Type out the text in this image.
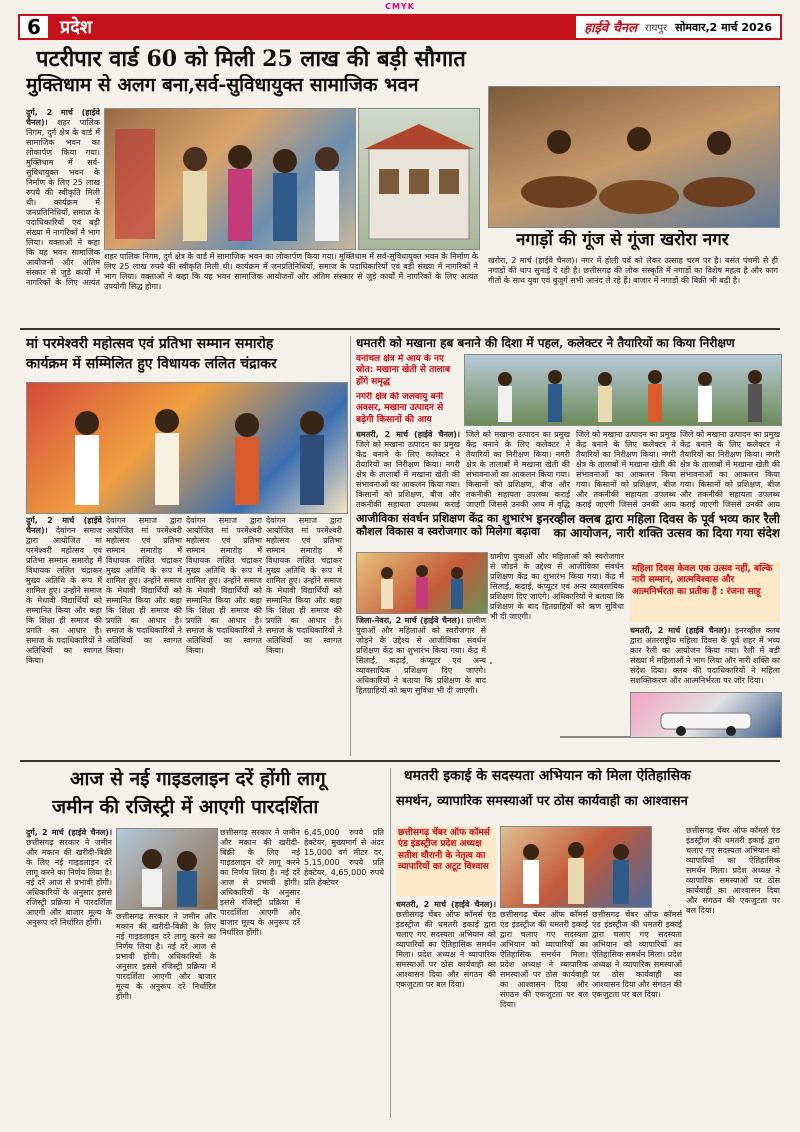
CMYK
6	प्रदेश	हाईवे चैनल रायपुर सोमवार,2 मार्च 2026
पटरीपार वार्ड 60 को मिली 25 लाख की बड़ी सौगात
मुक्तिधाम से अलग बना,सर्व-सुविधायुक्त सामाजिक भवन
दुर्ग, 2 मार्च (हाईवे चैनल)। शहर पालिक निगम, दुर्ग क्षेत्र के वार्ड में सामाजिक भवन का लोकार्पण किया गया। मुक्तिधाम में सर्व-सुविधायुक्त भवन के निर्माण के लिए 25 लाख रुपये की स्वीकृति मिली थी। कार्यक्रम में जनप्रतिनिधियों, समाज के पदाधिकारियों एवं बड़ी संख्या में नागरिकों ने भाग लिया। वक्ताओं ने कहा कि यह भवन सामाजिक आयोजनों और अंतिम संस्कार से जुड़े कार्यों में नागरिकों के लिए अत्यंत
शहर पालिक निगम, दुर्ग क्षेत्र के वार्ड में सामाजिक भवन का लोकार्पण किया गया। मुक्तिधाम में सर्व-सुविधायुक्त भवन के निर्माण के लिए 25 लाख रुपये की स्वीकृति मिली थी। कार्यक्रम में जनप्रतिनिधियों, समाज के पदाधिकारियों एवं बड़ी संख्या में नागरिकों ने भाग लिया। वक्ताओं ने कहा कि यह भवन सामाजिक आयोजनों और अंतिम संस्कार से जुड़े कार्यों में नागरिकों के लिए अत्यंत उपयोगी सिद्ध होगा।
नगाड़ों की गूंज से गूंजा खरोरा नगर
खरोरा, 2 मार्च (हाईवे चैनल)। नगर में होली पर्व को लेकर उत्साह चरम पर है। बसंत पंचमी से ही नगाड़ों की थाप सुनाई दे रही है। छत्तीसगढ़ की लोक संस्कृति में नगाड़ों का विशेष महत्व है और फाग गीतों के साथ युवा एवं बुजुर्ग सभी आनंद ले रहे हैं। बाजार में नगाड़ों की बिक्री भी बढ़ी है।
मां परमेश्वरी महोत्सव एवं प्रतिभा सम्मान समारोह
कार्यक्रम में सम्मिलित हुए विधायक ललित चंद्राकर
दुर्ग, 2 मार्च (हाईवे चैनल)। देवांगन समाज द्वारा आयोजित मां परमेश्वरी महोत्सव एवं प्रतिभा सम्मान समारोह में विधायक ललित चंद्राकर मुख्य अतिथि के रूप में शामिल हुए। उन्होंने समाज के मेधावी विद्यार्थियों को सम्मानित किया और कहा कि शिक्षा ही समाज की प्रगति का आधार है। समाज के पदाधिकारियों ने अतिथियों का स्वागत किया।
देवांगन समाज द्वारा आयोजित मां परमेश्वरी महोत्सव एवं प्रतिभा सम्मान समारोह में विधायक ललित चंद्राकर मुख्य अतिथि के रूप में शामिल हुए। उन्होंने समाज के मेधावी विद्यार्थियों को सम्मानित किया और कहा कि शिक्षा ही समाज की प्रगति का आधार है। समाज के पदाधिकारियों ने अतिथियों का स्वागत किया।
देवांगन समाज द्वारा आयोजित मां परमेश्वरी महोत्सव एवं प्रतिभा सम्मान समारोह में विधायक ललित चंद्राकर मुख्य अतिथि के रूप में शामिल हुए। उन्होंने समाज के मेधावी विद्यार्थियों को सम्मानित किया और कहा कि शिक्षा ही समाज की प्रगति का आधार है। समाज के पदाधिकारियों ने अतिथियों का स्वागत किया।
देवांगन समाज द्वारा आयोजित मां परमेश्वरी महोत्सव एवं प्रतिभा सम्मान समारोह में विधायक ललित चंद्राकर मुख्य अतिथि के रूप में शामिल हुए। उन्होंने समाज के मेधावी विद्यार्थियों को सम्मानित किया और कहा कि शिक्षा ही समाज की प्रगति का आधार है। समाज के पदाधिकारियों ने अतिथियों का स्वागत किया।
धमतरी को मखाना हब बनाने की दिशा में पहल, कलेक्टर ने तैयारियों का किया निरीक्षण
वनांचल क्षेत्र में आय के नए स्रोत: मखाना खेती से तालाब होंगे समृद्ध
नगरी क्षेत्र की जलवायु बनी अवसर, मखाना उत्पादन से बढ़ेगी किसानों की आय
धमतरी, 2 मार्च (हाईवे चैनल)। जिले को मखाना उत्पादन का प्रमुख केंद्र बनाने के लिए कलेक्टर ने तैयारियों का निरीक्षण किया। नगरी क्षेत्र के तालाबों में मखाना खेती की संभावनाओं का आकलन किया गया। किसानों को प्रशिक्षण, बीज और तकनीकी सहायता उपलब्ध कराई
जिले को मखाना उत्पादन का प्रमुख केंद्र बनाने के लिए कलेक्टर ने तैयारियों का निरीक्षण किया। नगरी क्षेत्र के तालाबों में मखाना खेती की संभावनाओं का आकलन किया गया। किसानों को प्रशिक्षण, बीज और तकनीकी सहायता उपलब्ध कराई जाएगी जिससे उनकी आय में वृद्धि
जिले को मखाना उत्पादन का प्रमुख केंद्र बनाने के लिए कलेक्टर ने तैयारियों का निरीक्षण किया। नगरी क्षेत्र के तालाबों में मखाना खेती की संभावनाओं का आकलन किया गया। किसानों को प्रशिक्षण, बीज और तकनीकी सहायता उपलब्ध कराई जाएगी जिससे उनकी आय
जिले को मखाना उत्पादन का प्रमुख केंद्र बनाने के लिए कलेक्टर ने तैयारियों का निरीक्षण किया। नगरी क्षेत्र के तालाबों में मखाना खेती की संभावनाओं का आकलन किया गया। किसानों को प्रशिक्षण, बीज और तकनीकी सहायता उपलब्ध कराई जाएगी जिससे उनकी आय
आजीविका संवर्धन प्रशिक्षण केंद्र का शुभारंभ
कौशल विकास व स्वरोजगार को मिलेगा बढ़ावा
ग्रामीण युवाओं और महिलाओं को स्वरोजगार से जोड़ने के उद्देश्य से आजीविका संवर्धन प्रशिक्षण केंद्र का शुभारंभ किया गया। केंद्र में सिलाई, कढ़ाई, कंप्यूटर एवं अन्य व्यावसायिक प्रशिक्षण दिए जाएंगे। अधिकारियों ने बताया कि प्रशिक्षण के बाद हितग्राहियों को ऋण सुविधा भी दी जाएगी।
जिला-नेवरा, 2 मार्च (हाईवे चैनल)। ग्रामीण युवाओं और महिलाओं को स्वरोजगार से जोड़ने के उद्देश्य से आजीविका संवर्धन प्रशिक्षण केंद्र का शुभारंभ किया गया। केंद्र में सिलाई, कढ़ाई, कंप्यूटर एवं अन्य व्यावसायिक प्रशिक्षण दिए जाएंगे। अधिकारियों ने बताया कि प्रशिक्षण के बाद हितग्राहियों को ऋण सुविधा भी दी जाएगी।
इनरव्हील क्लब द्वारा महिला दिवस के पूर्व भव्य कार रैली
का आयोजन, नारी शक्ति उत्सव का दिया गया संदेश
महिला दिवस केवल एक उत्सव नहीं, बल्कि नारी सम्मान, आत्मविश्वास और आत्मनिर्भरता का प्रतीक है : रंजना साहू
धमतरी, 2 मार्च (हाईवे चैनल)। इनरव्हील क्लब द्वारा अंतरराष्ट्रीय महिला दिवस के पूर्व शहर में भव्य कार रैली का आयोजन किया गया। रैली में बड़ी संख्या में महिलाओं ने भाग लिया और नारी शक्ति का संदेश दिया। क्लब की पदाधिकारियों ने महिला सशक्तिकरण और आत्मनिर्भरता पर जोर दिया।
आज से नई गाइडलाइन दरें होंगी लागू
जमीन की रजिस्ट्री में आएगी पारदर्शिता
दुर्ग, 2 मार्च (हाईवे चैनल)। छत्तीसगढ़ सरकार ने जमीन और मकान की खरीदी-बिक्री के लिए नई गाइडलाइन दरें लागू करने का निर्णय लिया है। नई दरें आज से प्रभावी होंगी। अधिकारियों के अनुसार इससे रजिस्ट्री प्रक्रिया में पारदर्शिता आएगी और बाजार मूल्य के अनुरूप दरें निर्धारित होंगी।
छत्तीसगढ़ सरकार ने जमीन और मकान की खरीदी-बिक्री के लिए नई गाइडलाइन दरें लागू करने का निर्णय लिया है। नई दरें आज से प्रभावी होंगी। अधिकारियों के अनुसार इससे रजिस्ट्री प्रक्रिया में पारदर्शिता आएगी और बाजार मूल्य के अनुरूप दरें निर्धारित होंगी।
छत्तीसगढ़ सरकार ने जमीन और मकान की खरीदी-बिक्री के लिए नई गाइडलाइन दरें लागू करने का निर्णय लिया है। नई दरें आज से प्रभावी होंगी। अधिकारियों के अनुसार इससे रजिस्ट्री प्रक्रिया में पारदर्शिता आएगी और बाजार मूल्य के अनुरूप दरें निर्धारित होंगी।
6,45,000 रुपये प्रति हेक्टेयर, मुख्यमार्ग से अंदर 15,000 वर्ग मीटर दर, 5,15,000 रुपये प्रति हेक्टेयर, 4,65,000 रुपये प्रति हेक्टेयर
धमतरी इकाई के सदस्यता अभियान को मिला ऐतिहासिक
समर्थन, व्यापारिक समस्याओं पर ठोस कार्यवाही का आश्वासन
छत्तीसगढ़ चेंबर ऑफ कॉमर्स एंड इंडस्ट्रीज प्रदेश अध्यक्ष सतीश थौरानी के नेतृत्व का व्यापारियों का अटूट विश्वास
धमतरी, 2 मार्च (हाईवे चैनल)। छत्तीसगढ़ चेंबर ऑफ कॉमर्स एंड इंडस्ट्रीज की धमतरी इकाई द्वारा चलाए गए सदस्यता अभियान को व्यापारियों का ऐतिहासिक समर्थन मिला। प्रदेश अध्यक्ष ने व्यापारिक समस्याओं पर ठोस कार्यवाही का आश्वासन दिया और संगठन की एकजुटता पर बल दिया।
छत्तीसगढ़ चेंबर ऑफ कॉमर्स एंड इंडस्ट्रीज की धमतरी इकाई द्वारा चलाए गए सदस्यता अभियान को व्यापारियों का ऐतिहासिक समर्थन मिला। प्रदेश अध्यक्ष ने व्यापारिक समस्याओं पर ठोस कार्यवाही का आश्वासन दिया और संगठन की एकजुटता पर बल दिया।
छत्तीसगढ़ चेंबर ऑफ कॉमर्स एंड इंडस्ट्रीज की धमतरी इकाई द्वारा चलाए गए सदस्यता अभियान को व्यापारियों का ऐतिहासिक समर्थन मिला। प्रदेश अध्यक्ष ने व्यापारिक समस्याओं पर ठोस कार्यवाही का आश्वासन दिया और संगठन की एकजुटता पर बल दिया।
छत्तीसगढ़ चेंबर ऑफ कॉमर्स एंड इंडस्ट्रीज की धमतरी इकाई द्वारा चलाए गए सदस्यता अभियान को व्यापारियों का ऐतिहासिक समर्थन मिला। प्रदेश अध्यक्ष ने व्यापारिक समस्याओं पर ठोस कार्यवाही का आश्वासन दिया और संगठन की एकजुटता पर बल दिया।
